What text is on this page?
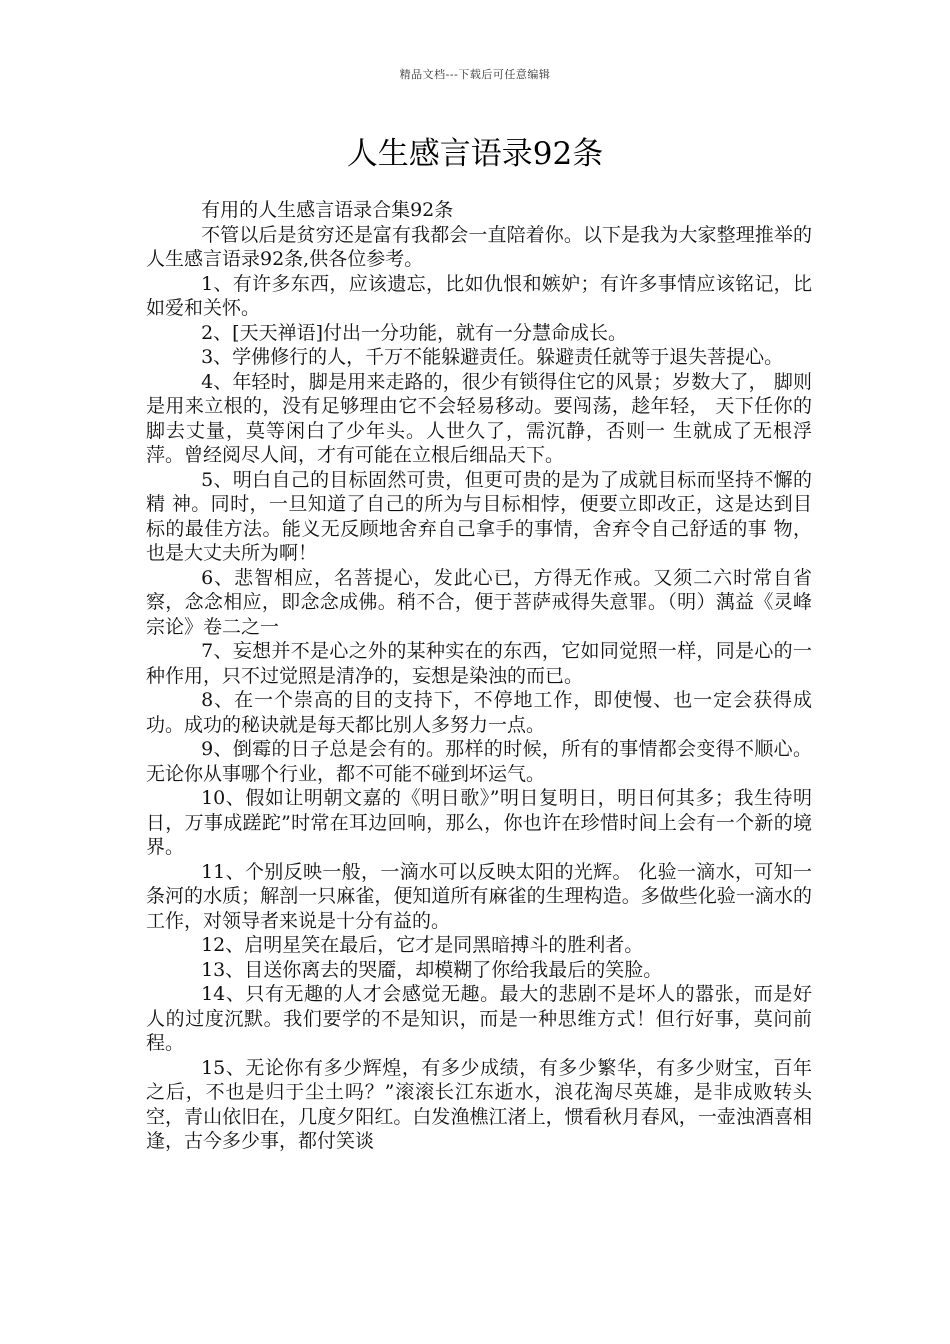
精品文档---下载后可任意编辑
人生感言语录92条

有用的人生感言语录合集92条

不管以后是贫穷还是富有我都会一直陪着你。以下是我为大家整理推举的人生感言语录92条,供各位参考。

1、有许多东西，应该遗忘，比如仇恨和嫉妒；有许多事情应该铭记，比如爱和关怀。

2、[天天禅语]付出一分功能，就有一分慧命成长。

3、学佛修行的人，千万不能躲避责任。躲避责任就等于退失菩提心。

4、年轻时，脚是用来走路的，很少有锁得住它的风景；岁数大了， 脚则是用来立根的，没有足够理由它不会轻易移动。要闯荡，趁年轻， 天下任你的脚去丈量，莫等闲白了少年头。人世久了，需沉静，否则一 生就成了无根浮萍。曾经阅尽人间，才有可能在立根后细品天下。

5、明白自己的目标固然可贵，但更可贵的是为了成就目标而坚持不懈的精 神。同时，一旦知道了自己的所为与目标相悖，便要立即改正，这是达到目 标的最佳方法。能义无反顾地舍弃自己拿手的事情，舍弃令自己舒适的事 物，也是大丈夫所为啊！

6、悲智相应，名菩提心，发此心已，方得无作戒。又须二六时常自省察，念念相应，即念念成佛。稍不合，便于菩萨戒得失意罪。（明）蕅益《灵峰宗论》卷二之一

7、妄想并不是心之外的某种实在的东西，它如同觉照一样，同是心的一种作用，只不过觉照是清净的，妄想是染浊的而已。

8、在一个崇高的目的支持下，不停地工作，即使慢、也一定会获得成功。成功的秘诀就是每天都比别人多努力一点。

9、倒霉的日子总是会有的。那样的时候，所有的事情都会变得不顺心。无论你从事哪个行业，都不可能不碰到坏运气。

10、假如让明朝文嘉的《明日歌》”明日复明日，明日何其多；我生待明日，万事成蹉跎”时常在耳边回响，那么，你也许在珍惜时间上会有一个新的境界。

11、个别反映一般，一滴水可以反映太阳的光辉。 化验一滴水，可知一条河的水质；解剖一只麻雀，便知道所有麻雀的生理构造。多做些化验一滴水的工作，对领导者来说是十分有益的。

12、启明星笑在最后，它才是同黑暗搏斗的胜利者。

13、目送你离去的哭靥，却模糊了你给我最后的笑脸。

14、只有无趣的人才会感觉无趣。最大的悲剧不是坏人的嚣张，而是好人的过度沉默。我们要学的不是知识，而是一种思维方式！但行好事，莫问前程。

15、无论你有多少辉煌，有多少成绩，有多少繁华，有多少财宝，百年之后，不也是归于尘土吗？”滚滚长江东逝水，浪花淘尽英雄，是非成败转头空，青山依旧在，几度夕阳红。白发渔樵江渚上，惯看秋月春风，一壶浊酒喜相逢，古今多少事，都付笑谈
